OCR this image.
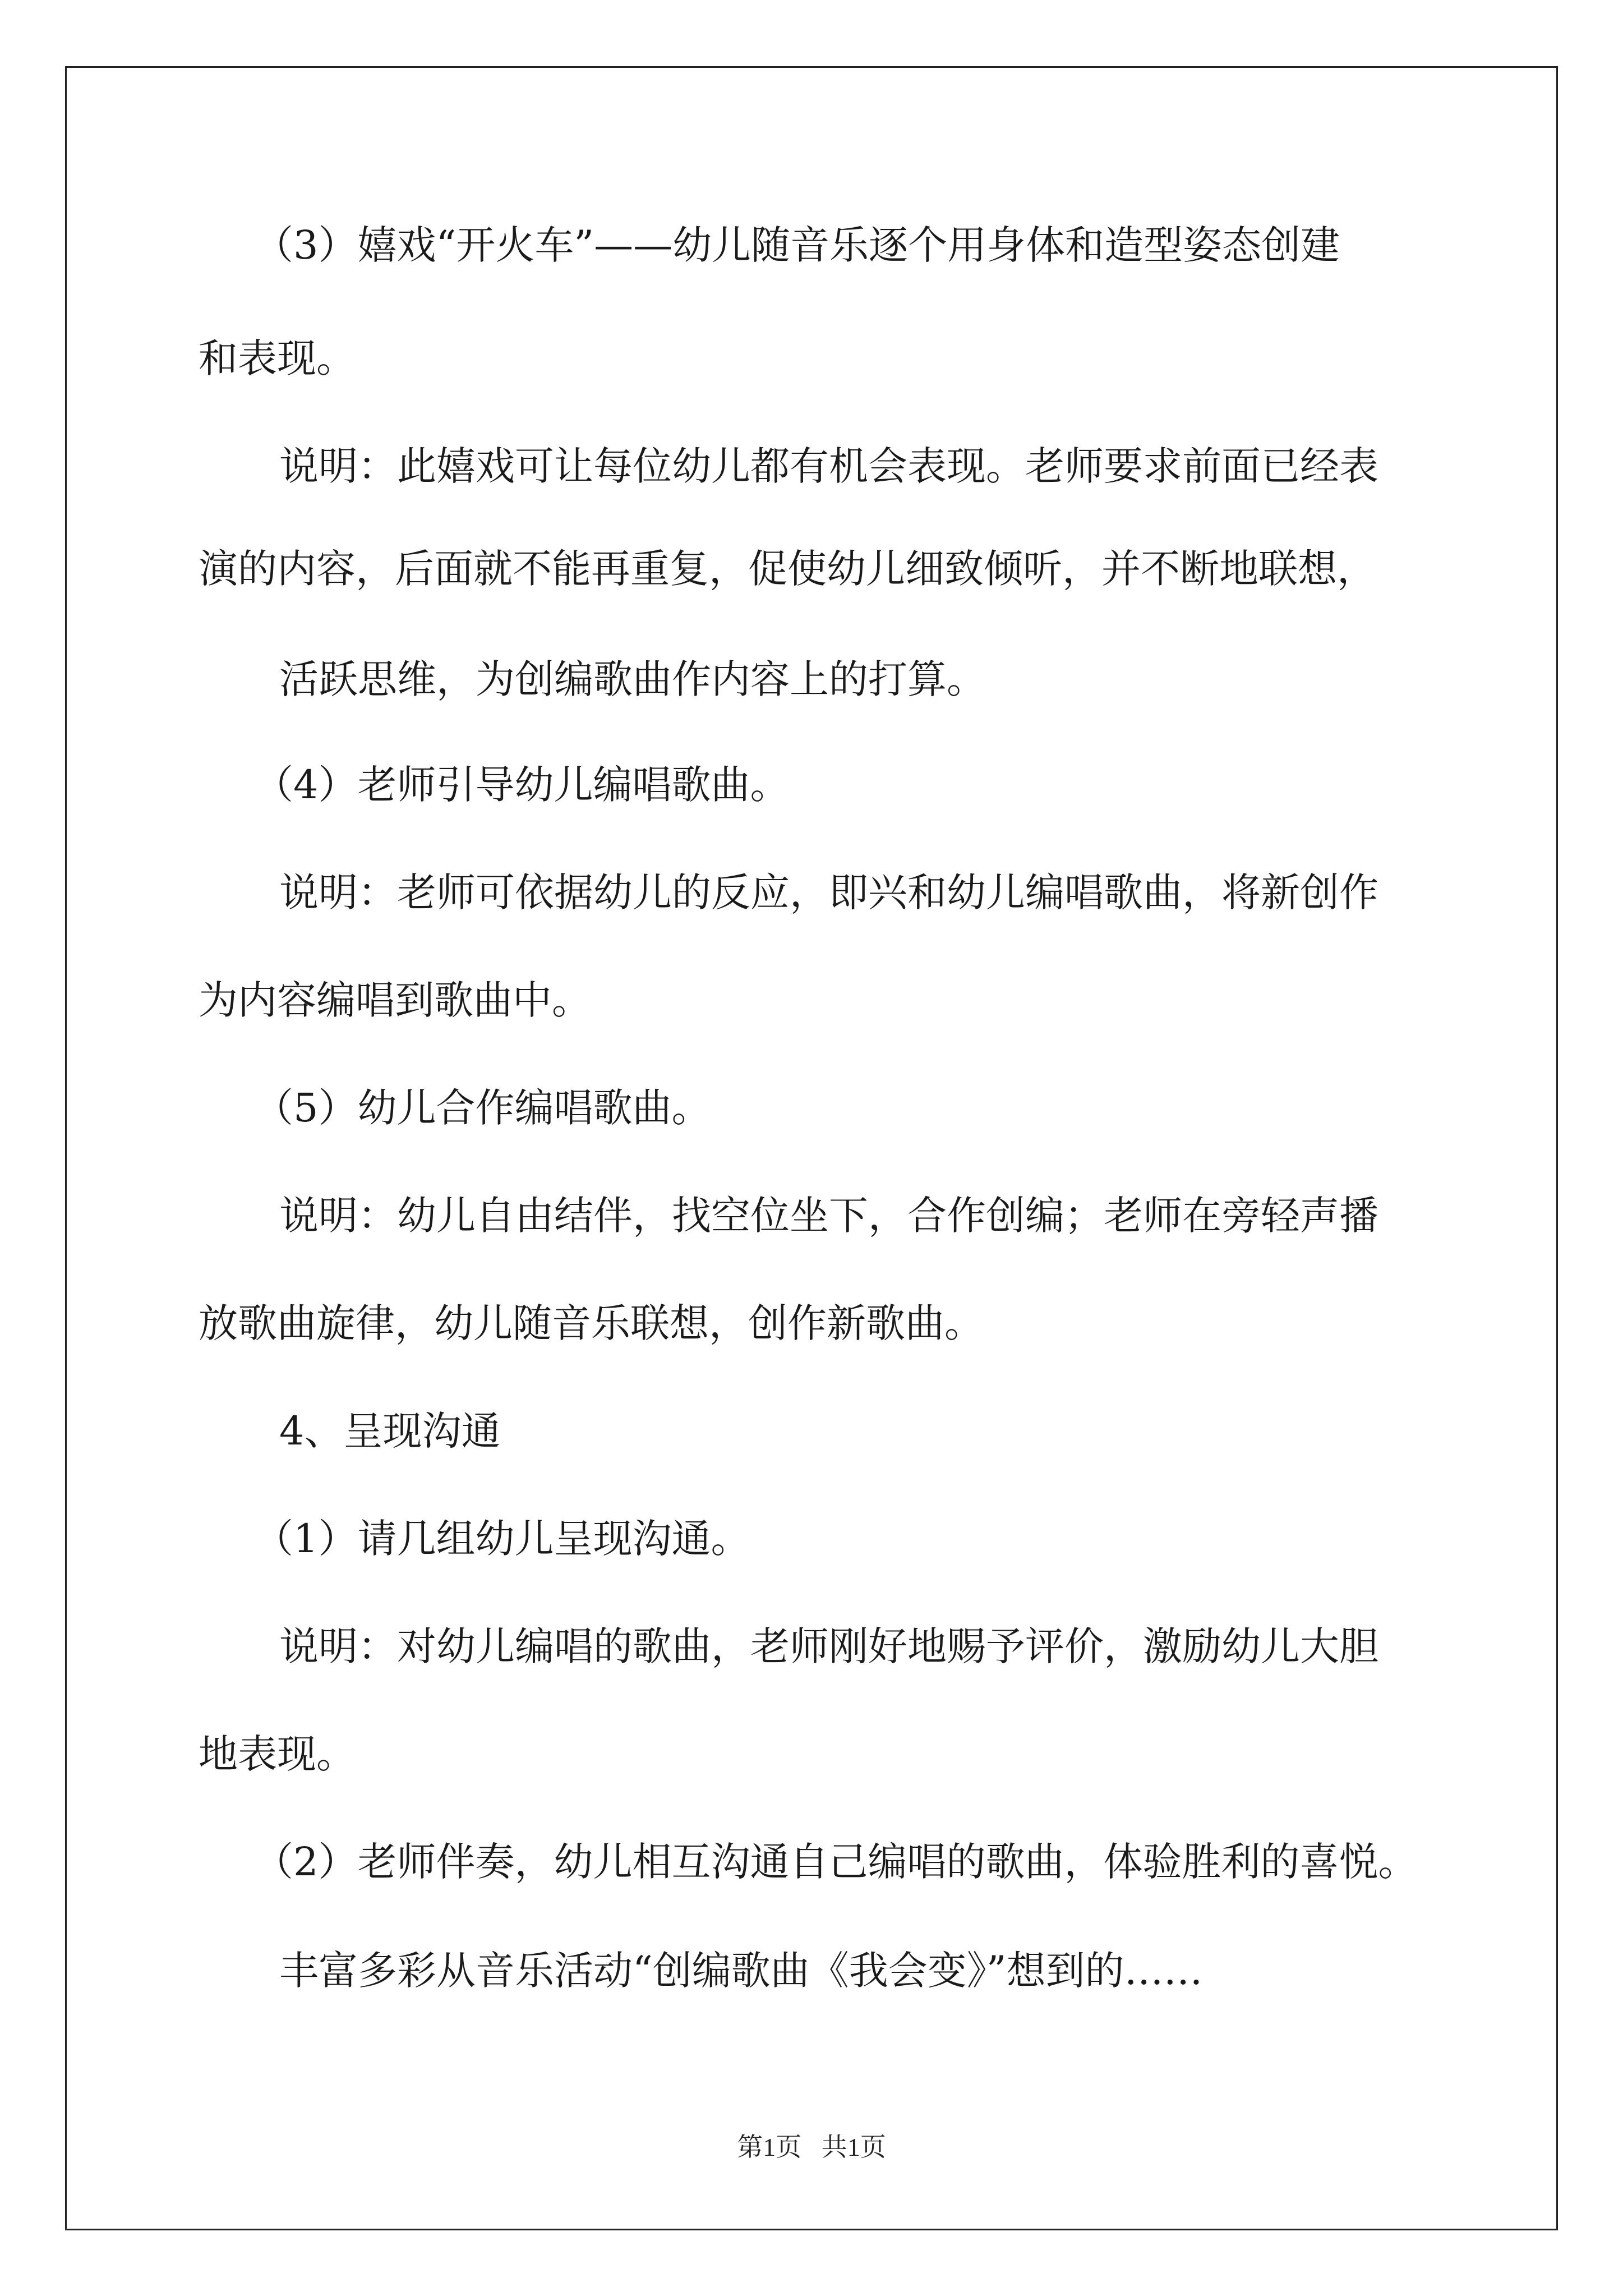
（3）嬉戏“开火车”——幼儿随音乐逐个用身体和造型姿态创建

和表现。

说明：此嬉戏可让每位幼儿都有机会表现。老师要求前面已经表

演的内容，后面就不能再重复，促使幼儿细致倾听，并不断地联想，

活跃思维，为创编歌曲作内容上的打算。

（4）老师引导幼儿编唱歌曲。

说明：老师可依据幼儿的反应，即兴和幼儿编唱歌曲，将新创作

为内容编唱到歌曲中。

（5）幼儿合作编唱歌曲。

说明：幼儿自由结伴，找空位坐下，合作创编；老师在旁轻声播

放歌曲旋律，幼儿随音乐联想，创作新歌曲。

4、呈现沟通

（1）请几组幼儿呈现沟通。

说明：对幼儿编唱的歌曲，老师刚好地赐予评价，激励幼儿大胆

地表现。

（2）老师伴奏，幼儿相互沟通自己编唱的歌曲，体验胜利的喜悦。

丰富多彩从音乐活动“创编歌曲《我会变》”想到的……

第1页 共1页
